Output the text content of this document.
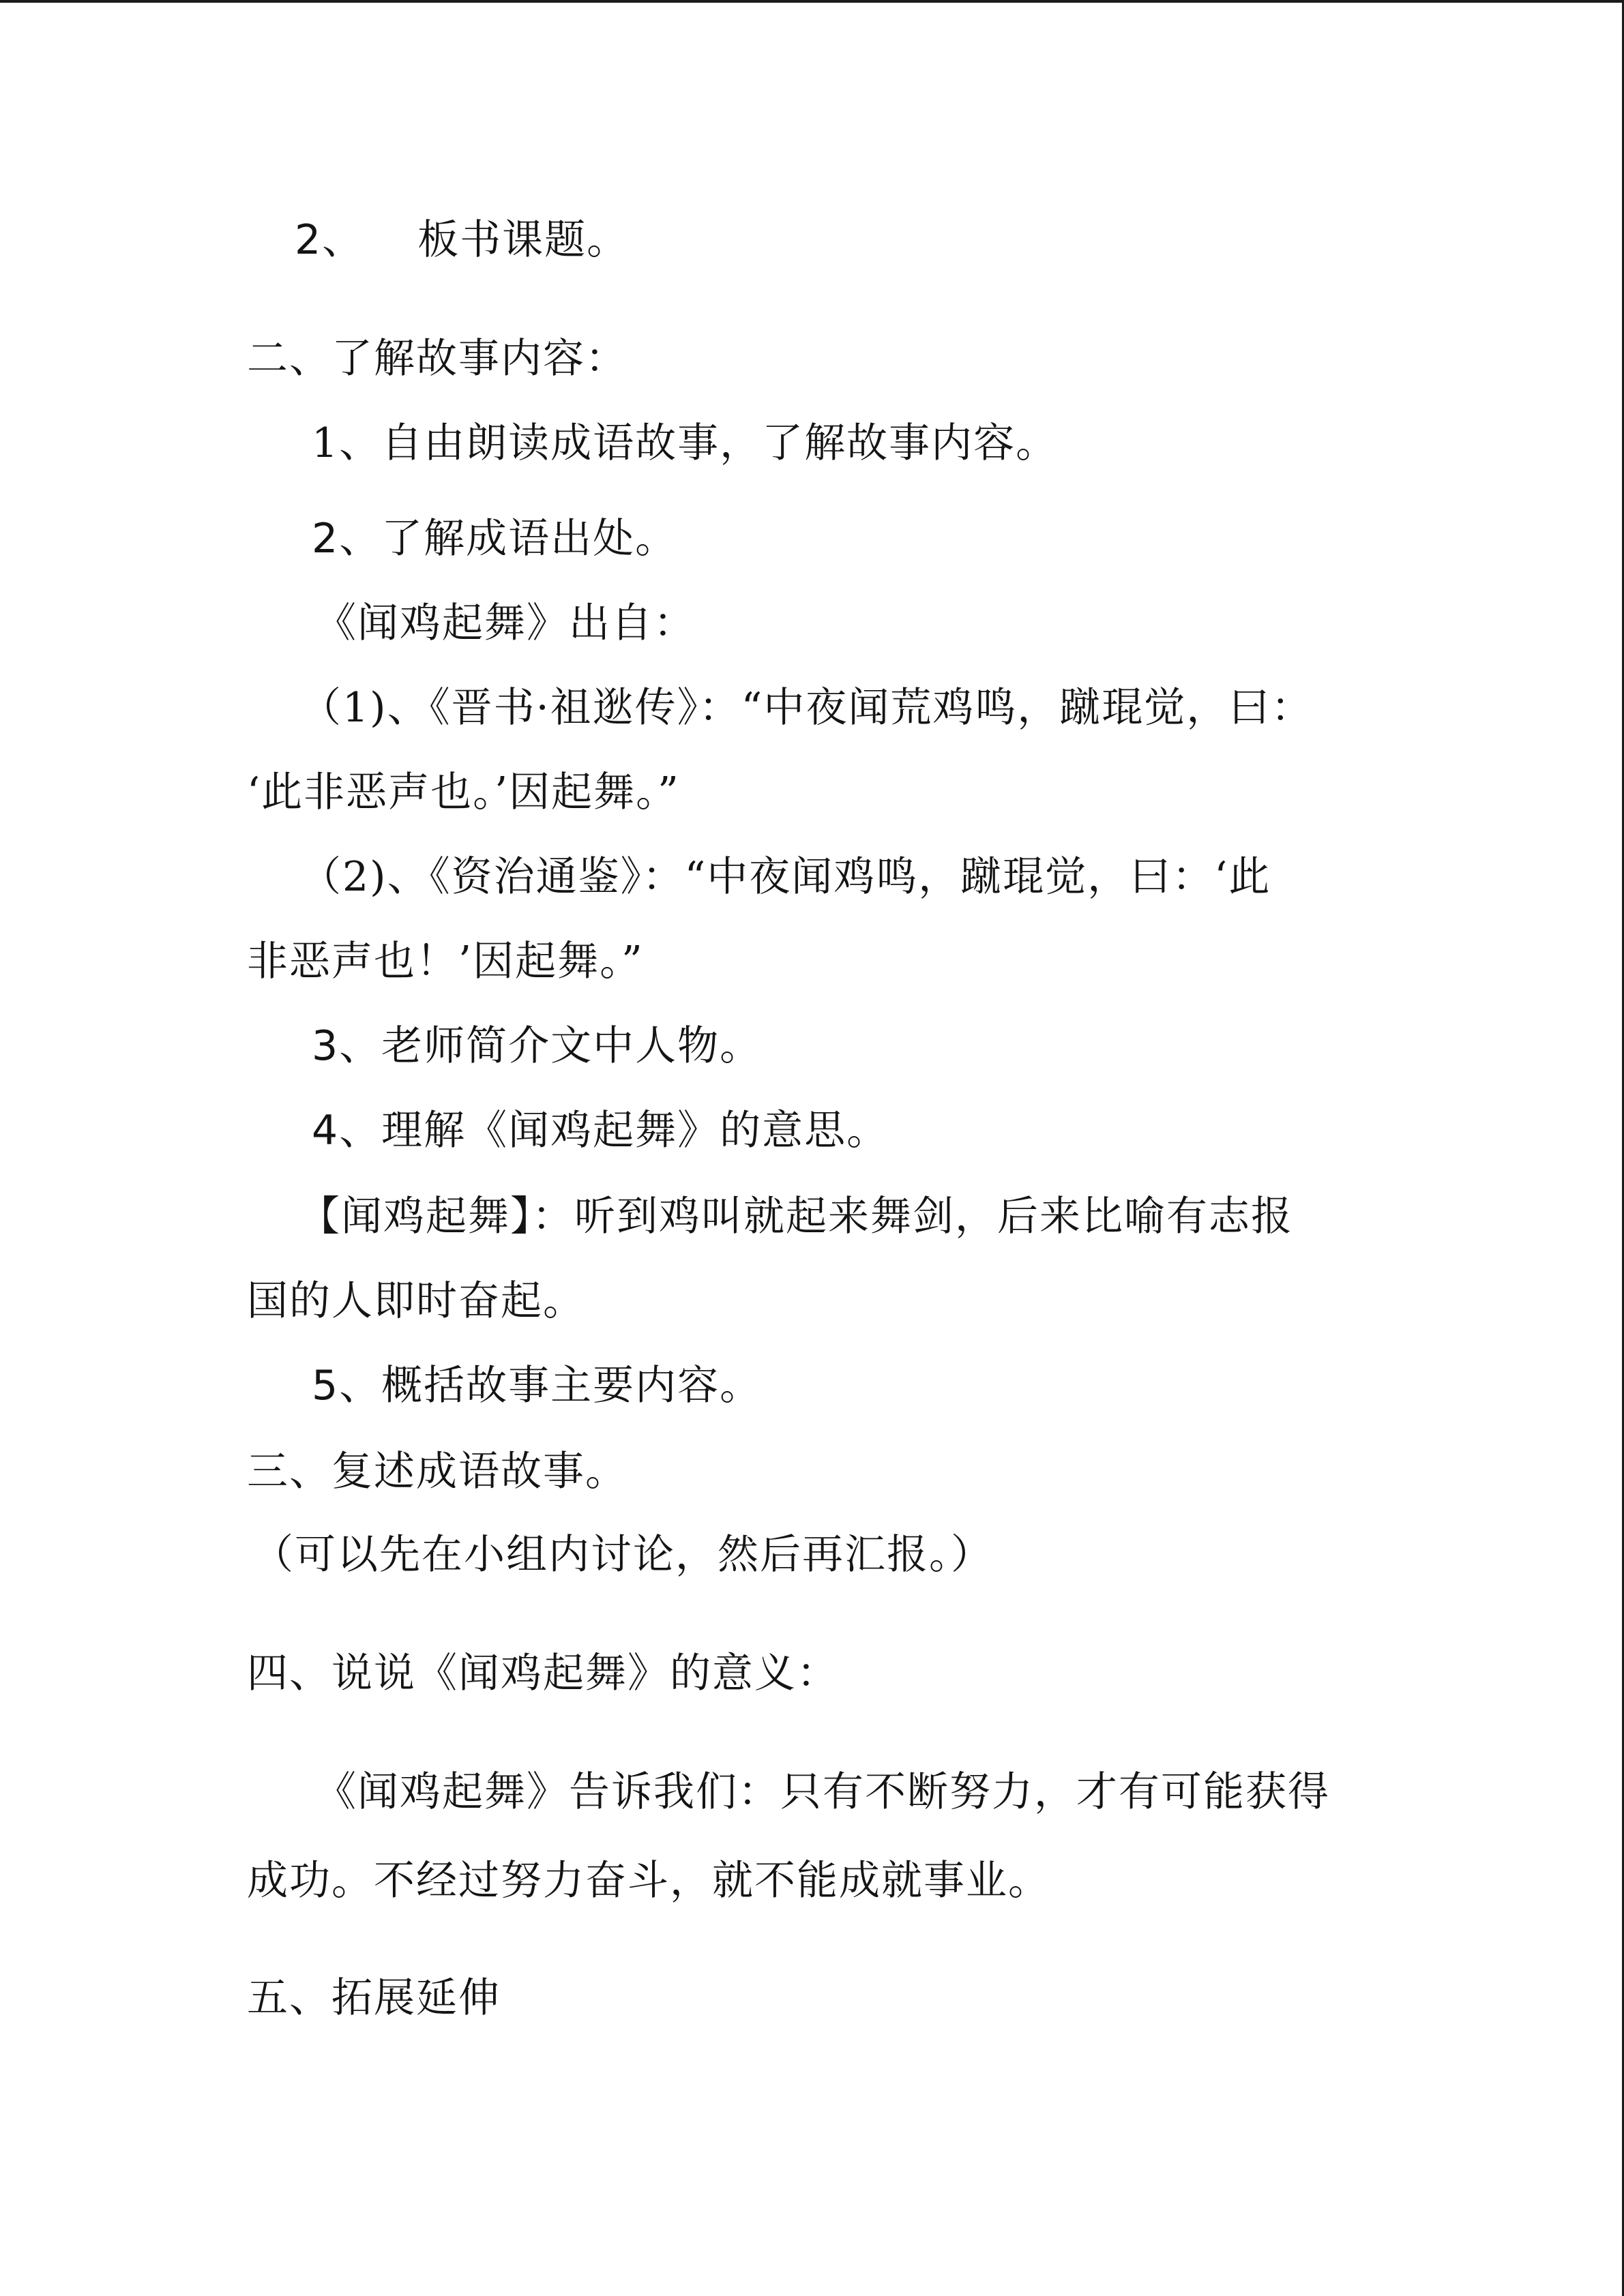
2、 板书课题。
二、了解故事内容：
1、自由朗读成语故事，了解故事内容。
2、了解成语出处。
《闻鸡起舞》出自：
（1)、《晋书·祖逖传》：“中夜闻荒鸡鸣，蹴琨觉，曰：
‘此非恶声也。’因起舞。”
（2)、《资治通鉴》：“中夜闻鸡鸣，蹴琨觉，曰：‘此
非恶声也！’因起舞。”
3、老师简介文中人物。
4、理解《闻鸡起舞》的意思。
【闻鸡起舞】：听到鸡叫就起来舞剑，后来比喻有志报
国的人即时奋起。
5、概括故事主要内容。
三、复述成语故事。
（可以先在小组内讨论，然后再汇报。）
四、说说《闻鸡起舞》的意义：
《闻鸡起舞》告诉我们：只有不断努力，才有可能获得
成功。不经过努力奋斗，就不能成就事业。
五、拓展延伸
